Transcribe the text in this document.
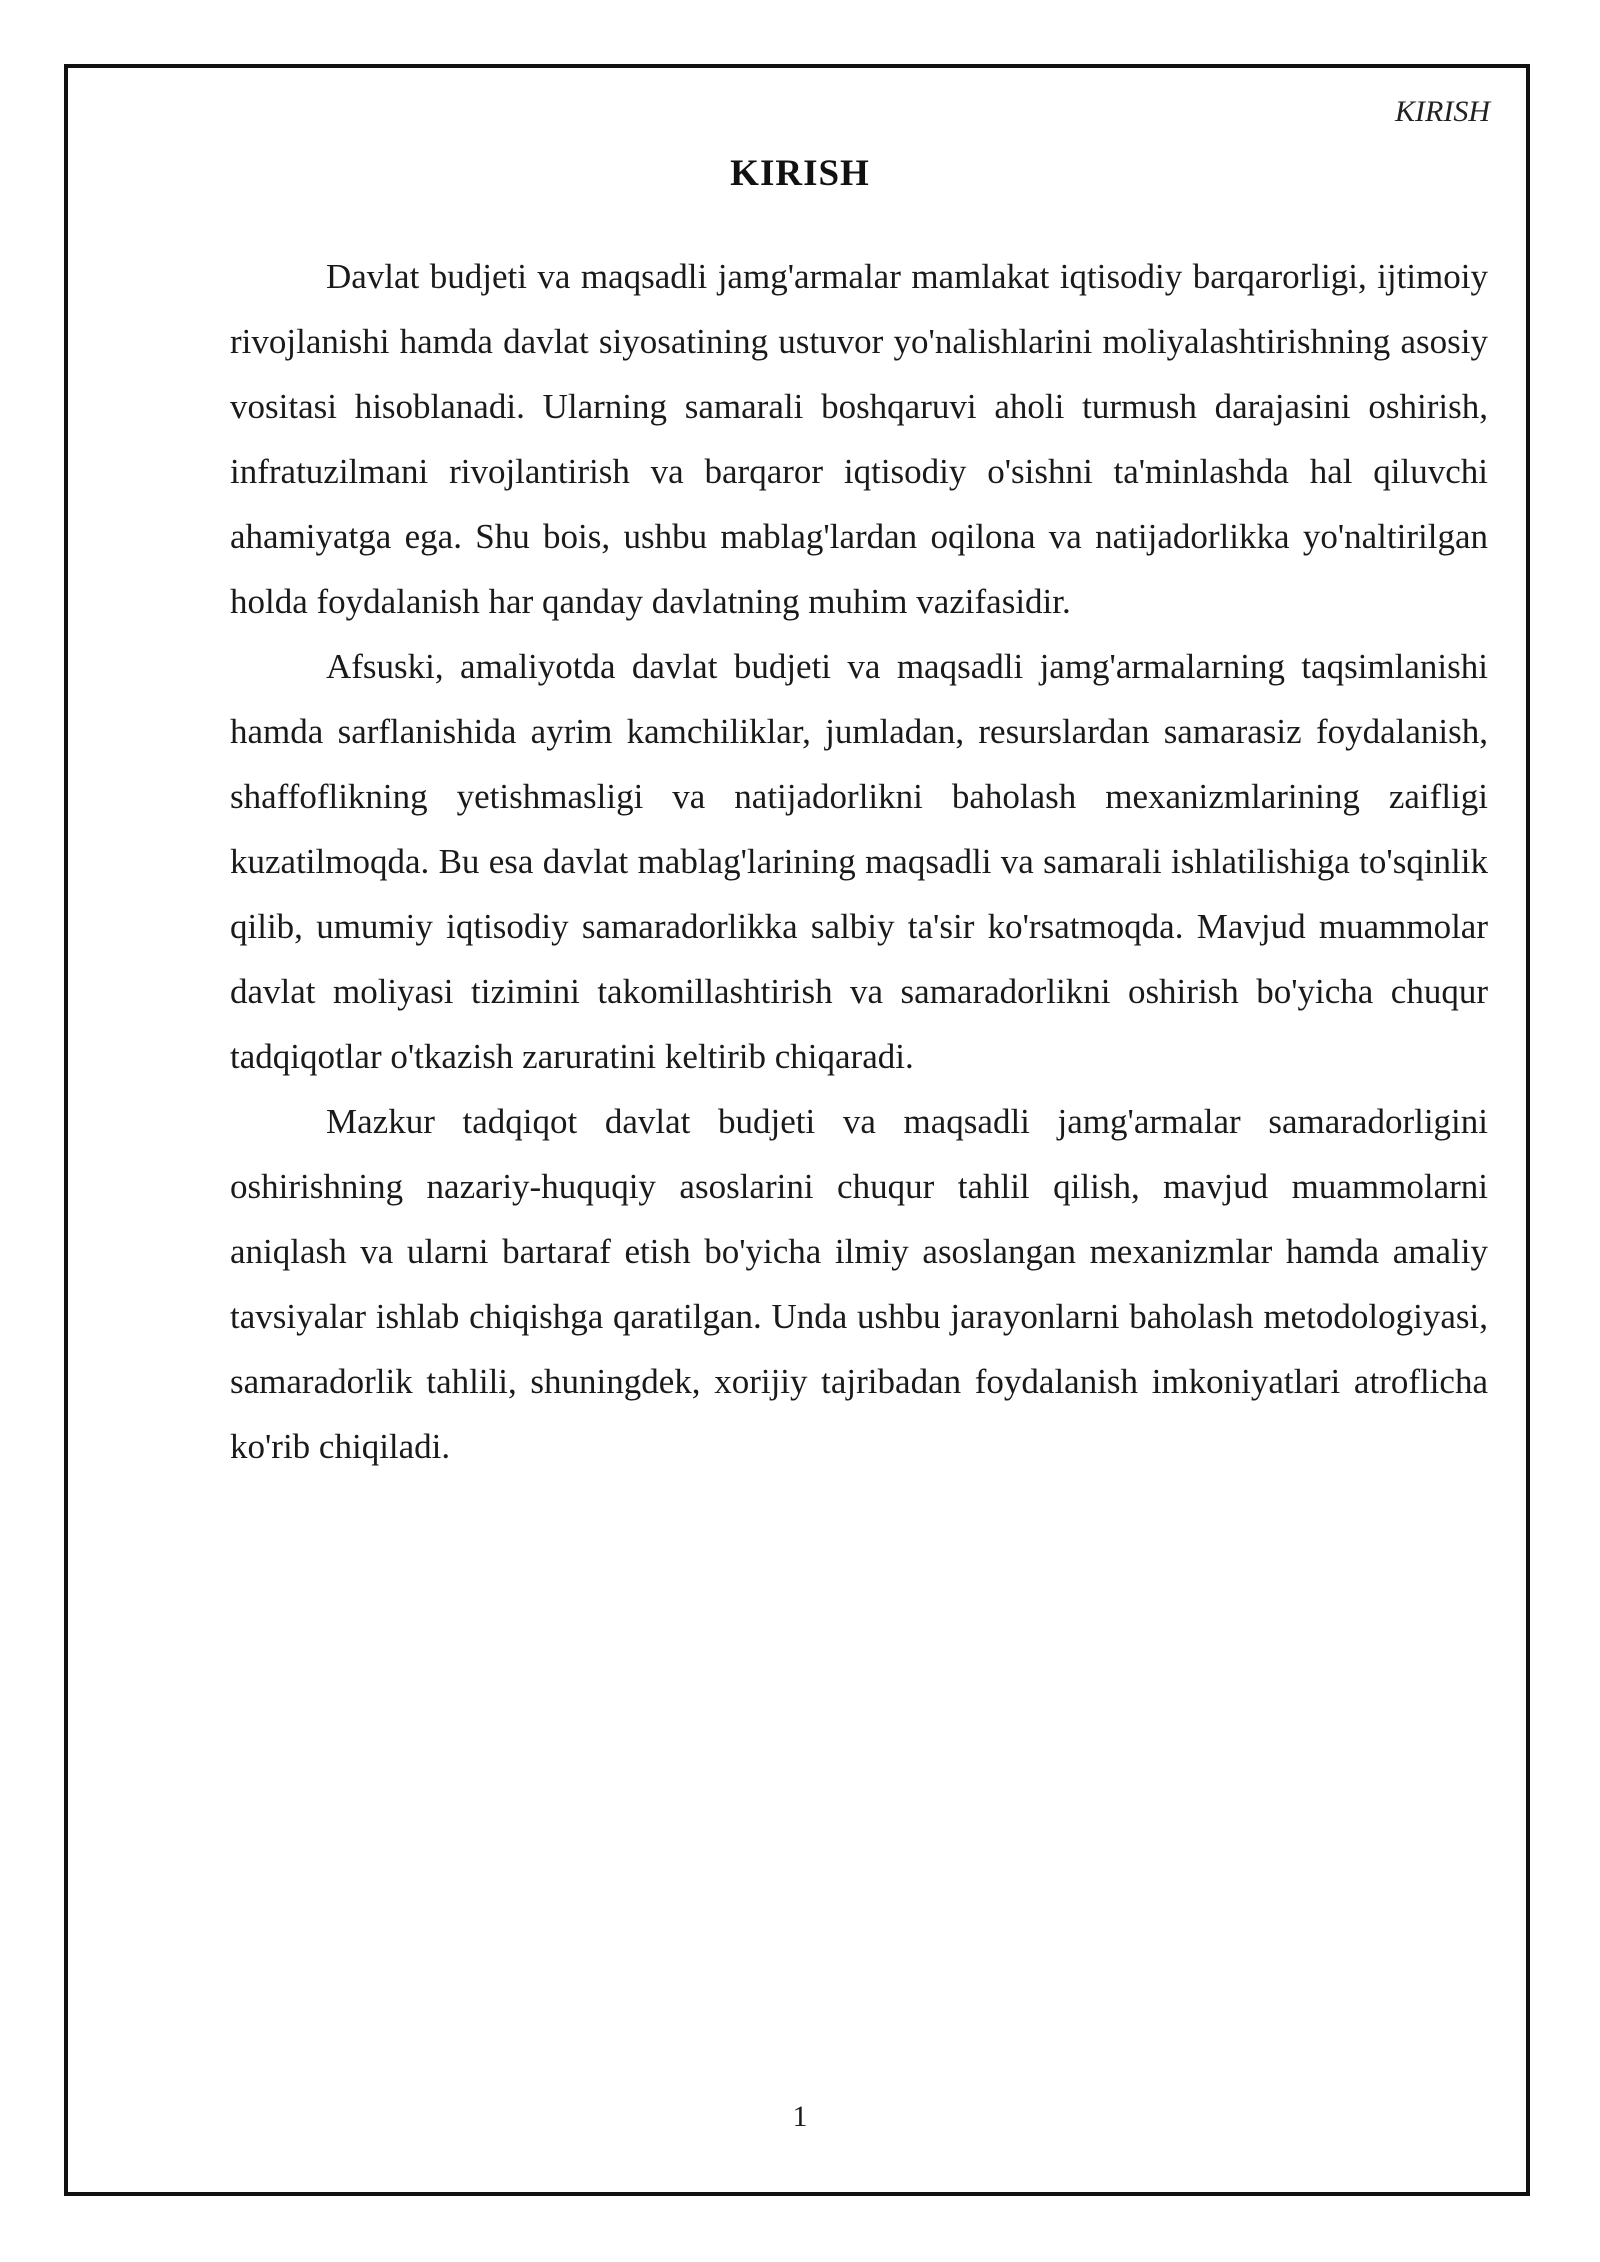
KIRISH
KIRISH

Davlat budjeti va maqsadli jamg'armalar mamlakat iqtisodiy barqarorligi, ijtimoiy rivojlanishi hamda davlat siyosatining ustuvor yo'nalishlarini moliyalashtirishning asosiy vositasi hisoblanadi. Ularning samarali boshqaruvi aholi turmush darajasini oshirish, infratuzilmani rivojlantirish va barqaror iqtisodiy o'sishni ta'minlashda hal qiluvchi ahamiyatga ega. Shu bois, ushbu mablag'lardan oqilona va natijadorlikka yo'naltirilgan holda foydalanish har qanday davlatning muhim vazifasidir.

Afsuski, amaliyotda davlat budjeti va maqsadli jamg'armalarning taqsimlanishi hamda sarflanishida ayrim kamchiliklar, jumladan, resurslardan samarasiz foydalanish, shaffoflikning yetishmasligi va natijadorlikni baholash mexanizmlarining zaifligi kuzatilmoqda. Bu esa davlat mablag'larining maqsadli va samarali ishlatilishiga to'sqinlik qilib, umumiy iqtisodiy samaradorlikka salbiy ta'sir ko'rsatmoqda. Mavjud muammolar davlat moliyasi tizimini takomillashtirish va samaradorlikni oshirish bo'yicha chuqur tadqiqotlar o'tkazish zaruratini keltirib chiqaradi.

Mazkur tadqiqot davlat budjeti va maqsadli jamg'armalar samaradorligini oshirishning nazariy-huquqiy asoslarini chuqur tahlil qilish, mavjud muammolarni aniqlash va ularni bartaraf etish bo'yicha ilmiy asoslangan mexanizmlar hamda amaliy tavsiyalar ishlab chiqishga qaratilgan. Unda ushbu jarayonlarni baholash metodologiyasi, samaradorlik tahlili, shuningdek, xorijiy tajribadan foydalanish imkoniyatlari atroflicha ko'rib chiqiladi.

1
